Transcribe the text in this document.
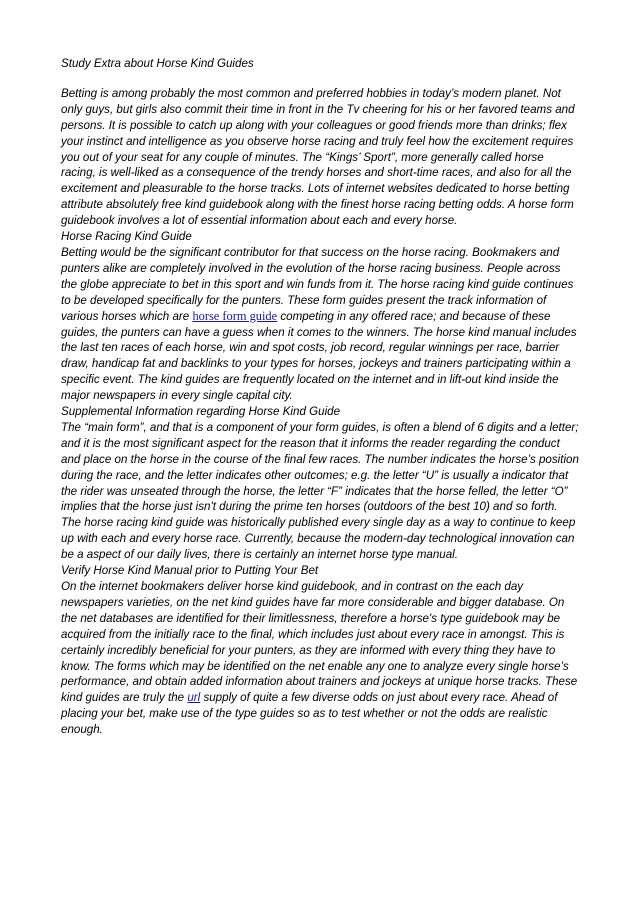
Study Extra about Horse Kind Guides

Betting is among probably the most common and preferred hobbies in today’s modern planet. Not only guys, but girls also commit their time in front in the Tv cheering for his or her favored teams and persons. It is possible to catch up along with your colleagues or good friends more than drinks; flex your instinct and intelligence as you observe horse racing and truly feel how the excitement requires you out of your seat for any couple of minutes. The “Kings’ Sport”, more generally called horse racing, is well-liked as a consequence of the trendy horses and short-time races, and also for all the excitement and pleasurable to the horse tracks. Lots of internet websites dedicated to horse betting attribute absolutely free kind guidebook along with the finest horse racing betting odds. A horse form guidebook involves a lot of essential information about each and every horse.

Horse Racing Kind Guide

Betting would be the significant contributor for that success on the horse racing. Bookmakers and punters alike are completely involved in the evolution of the horse racing business. People across the globe appreciate to bet in this sport and win funds from it. The horse racing kind guide continues to be developed specifically for the punters. These form guides present the track information of various horses which are horse form guide competing in any offered race; and because of these guides, the punters can have a guess when it comes to the winners. The horse kind manual includes the last ten races of each horse, win and spot costs, job record, regular winnings per race, barrier draw, handicap fat and backlinks to your types for horses, jockeys and trainers participating within a specific event. The kind guides are frequently located on the internet and in lift-out kind inside the major newspapers in every single capital city.

Supplemental Information regarding Horse Kind Guide

The “main form”, and that is a component of your form guides, is often a blend of 6 digits and a letter; and it is the most significant aspect for the reason that it informs the reader regarding the conduct and place on the horse in the course of the final few races. The number indicates the horse’s position during the race, and the letter indicates other outcomes; e.g. the letter “U” is usually a indicator that the rider was unseated through the horse, the letter “F” indicates that the horse felled, the letter “O” implies that the horse just isn't during the prime ten horses (outdoors of the best 10) and so forth. The horse racing kind guide was historically published every single day as a way to continue to keep up with each and every horse race. Currently, because the modern-day technological innovation can be a aspect of our daily lives, there is certainly an internet horse type manual.

Verify Horse Kind Manual prior to Putting Your Bet

On the internet bookmakers deliver horse kind guidebook, and in contrast on the each day newspapers varieties, on the net kind guides have far more considerable and bigger database. On the net databases are identified for their limitlessness, therefore a horse's type guidebook may be acquired from the initially race to the final, which includes just about every race in amongst. This is certainly incredibly beneficial for your punters, as they are informed with every thing they have to know. The forms which may be identified on the net enable any one to analyze every single horse’s performance, and obtain added information about trainers and jockeys at unique horse tracks. These kind guides are truly the url supply of quite a few diverse odds on just about every race. Ahead of placing your bet, make use of the type guides so as to test whether or not the odds are realistic enough.
